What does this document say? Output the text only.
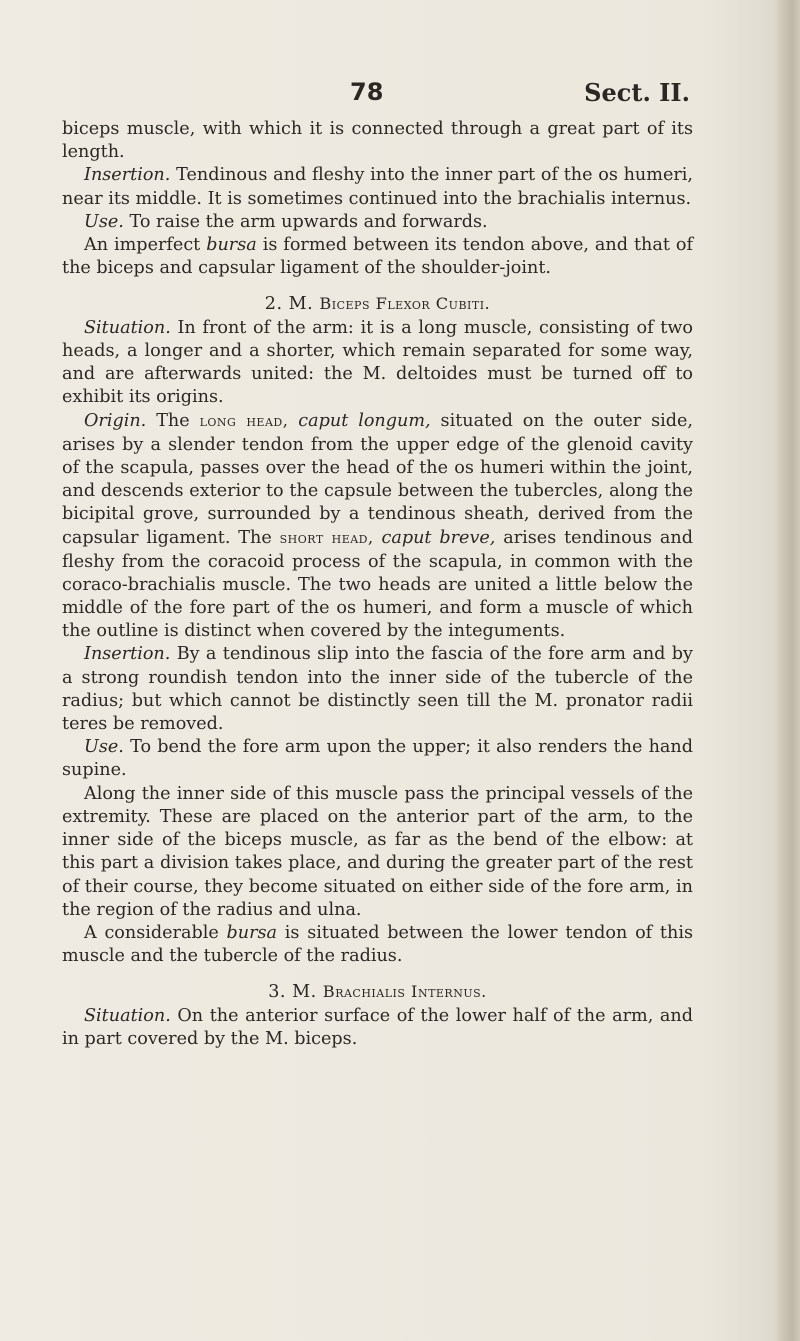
78	Sect. II.

biceps muscle, with which it is connected through a great part of its length.

Insertion. Tendinous and fleshy into the inner part of the os humeri, near its middle. It is sometimes continued into the brachialis internus.

Use. To raise the arm upwards and forwards.

An imperfect bursa is formed between its tendon above, and that of the biceps and capsular ligament of the shoulder-joint.

2. M. Biceps Flexor Cubiti.

Situation. In front of the arm: it is a long muscle, consisting of two heads, a longer and a shorter, which remain separated for some way, and are afterwards united: the M. deltoides must be turned off to exhibit its origins.

Origin. The long head, caput longum, situated on the outer side, arises by a slender tendon from the upper edge of the glenoid cavity of the scapula, passes over the head of the os humeri within the joint, and descends exterior to the capsule between the tubercles, along the bicipital grove, surrounded by a tendinous sheath, derived from the capsular ligament. The short head, caput breve, arises tendinous and fleshy from the coracoid process of the scapula, in common with the coraco-brachialis muscle. The two heads are united a little below the middle of the fore part of the os humeri, and form a muscle of which the outline is distinct when covered by the integuments.

Insertion. By a tendinous slip into the fascia of the fore arm and by a strong roundish tendon into the inner side of the tubercle of the radius; but which cannot be distinctly seen till the M. pronator radii teres be removed.

Use. To bend the fore arm upon the upper; it also renders the hand supine.

Along the inner side of this muscle pass the principal vessels of the extremity. These are placed on the anterior part of the arm, to the inner side of the biceps muscle, as far as the bend of the elbow: at this part a division takes place, and during the greater part of the rest of their course, they become situated on either side of the fore arm, in the region of the radius and ulna.

A considerable bursa is situated between the lower tendon of this muscle and the tubercle of the radius.

3. M. Brachialis Internus.

Situation. On the anterior surface of the lower half of the arm, and in part covered by the M. biceps.
